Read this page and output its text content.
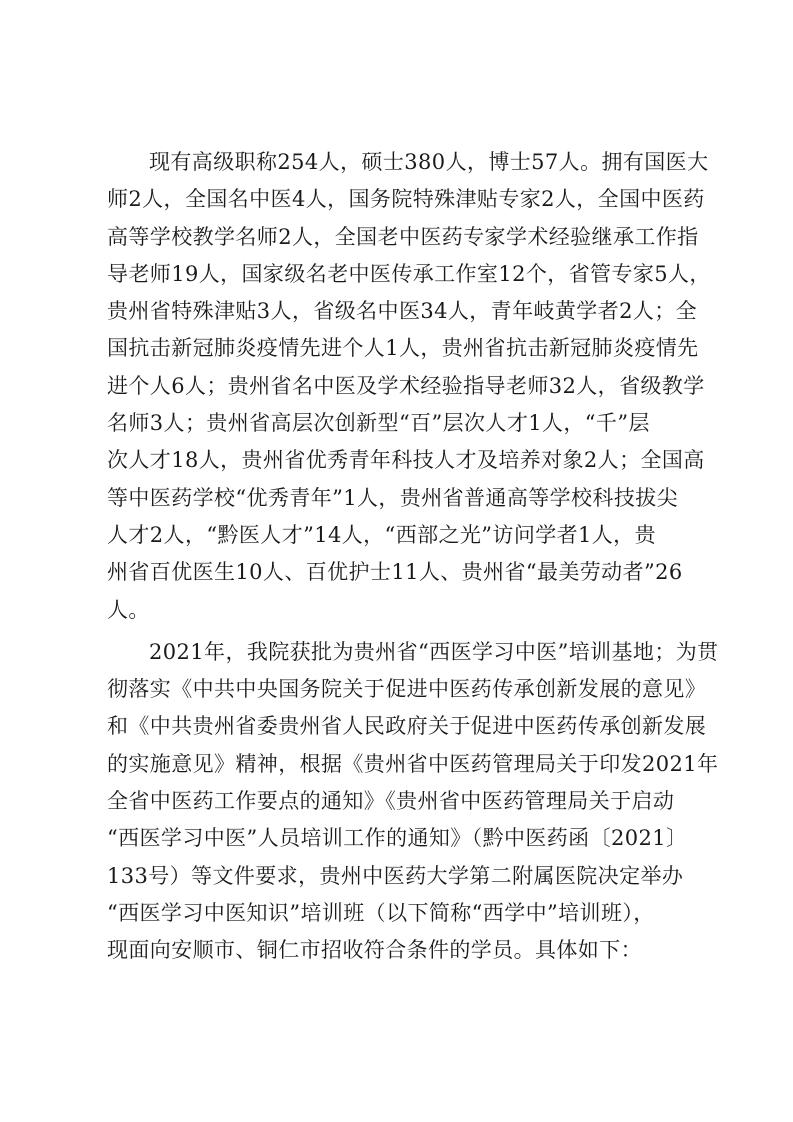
现有高级职称254人，硕士380人，博士57人。拥有国医大
师2人，全国名中医4人，国务院特殊津贴专家2人，全国中医药
高等学校教学名师2人，全国老中医药专家学术经验继承工作指
导老师19人，国家级名老中医传承工作室12个，省管专家5人，
贵州省特殊津贴3人，省级名中医34人，青年岐黄学者2人；全
国抗击新冠肺炎疫情先进个人1人，贵州省抗击新冠肺炎疫情先
进个人6人；贵州省名中医及学术经验指导老师32人，省级教学
名师3人；贵州省高层次创新型“百”层次人才1人，“千”层
次人才18人，贵州省优秀青年科技人才及培养对象2人；全国高
等中医药学校“优秀青年”1人，贵州省普通高等学校科技拔尖
人才2人，“黔医人才”14人，“西部之光”访问学者1人，贵
州省百优医生10人、百优护士11人、贵州省“最美劳动者”26
人。
2021年，我院获批为贵州省“西医学习中医”培训基地；为贯
彻落实《中共中央国务院关于促进中医药传承创新发展的意见》
和《中共贵州省委贵州省人民政府关于促进中医药传承创新发展
的实施意见》精神，根据《贵州省中医药管理局关于印发2021年
全省中医药工作要点的通知》《贵州省中医药管理局关于启动
“西医学习中医”人员培训工作的通知》（黔中医药函〔2021〕
133号）等文件要求，贵州中医药大学第二附属医院决定举办
“西医学习中医知识”培训班（以下简称“西学中”培训班），
现面向安顺市、铜仁市招收符合条件的学员。具体如下：
